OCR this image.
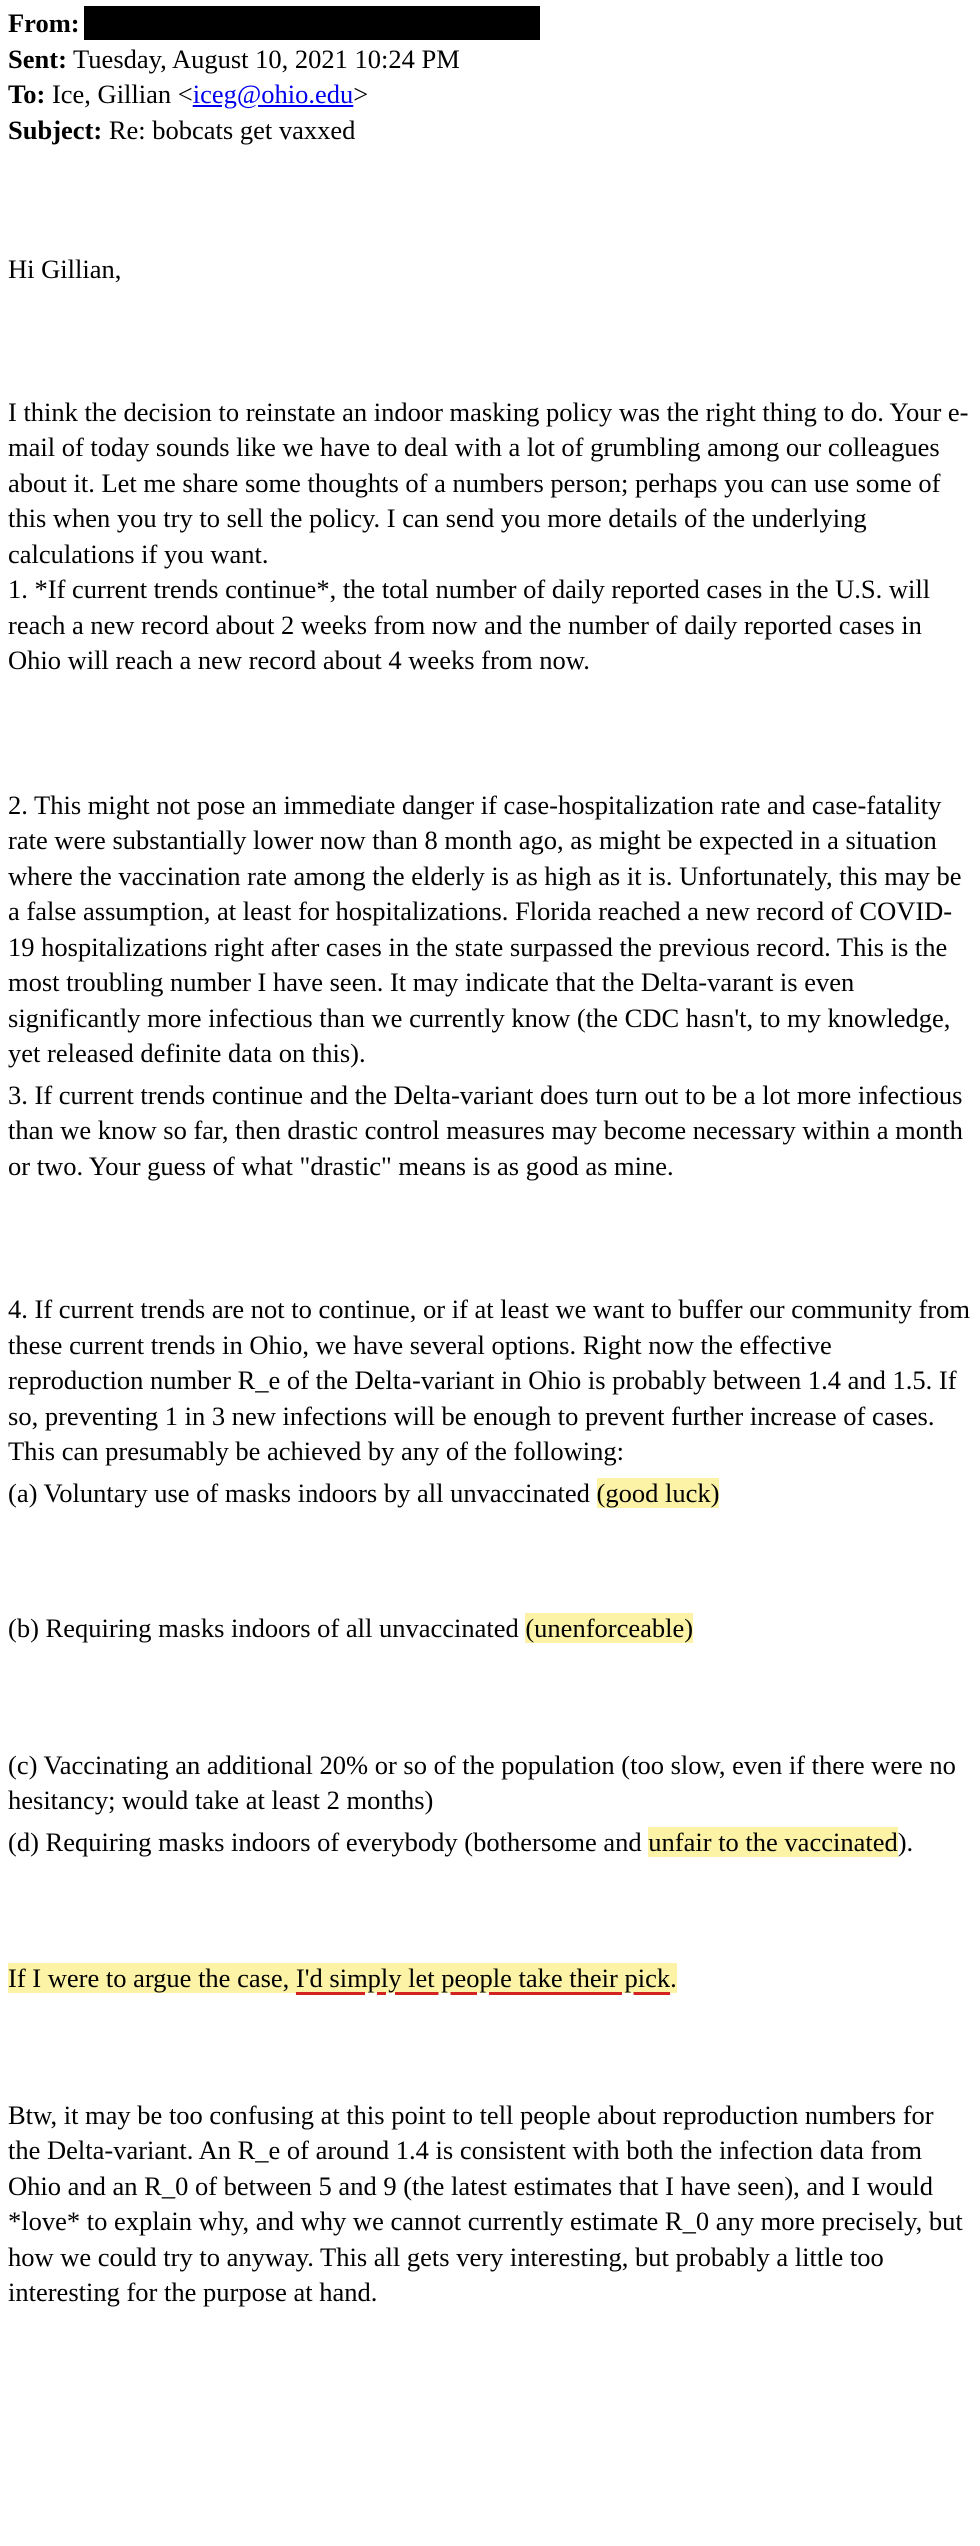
From:
Sent: Tuesday, August 10, 2021 10:24 PM
To: Ice, Gillian <iceg@ohio.edu>
Subject: Re: bobcats get vaxxed

Hi Gillian,

I think the decision to reinstate an indoor masking policy was the right thing to do. Your e-mail of today sounds like we have to deal with a lot of grumbling among our colleagues about it. Let me share some thoughts of a numbers person; perhaps you can use some of this when you try to sell the policy. I can send you more details of the underlying calculations if you want.

1. *If current trends continue*, the total number of daily reported cases in the U.S. will reach a new record about 2 weeks from now and the number of daily reported cases in Ohio will reach a new record about 4 weeks from now.

2. This might not pose an immediate danger if case-hospitalization rate and case-fatality rate were substantially lower now than 8 month ago, as might be expected in a situation where the vaccination rate among the elderly is as high as it is. Unfortunately, this may be a false assumption, at least for hospitalizations. Florida reached a new record of COVID-19 hospitalizations right after cases in the state surpassed the previous record. This is the most troubling number I have seen. It may indicate that the Delta-varant is even significantly more infectious than we currently know (the CDC hasn't, to my knowledge, yet released definite data on this).

3. If current trends continue and the Delta-variant does turn out to be a lot more infectious than we know so far, then drastic control measures may become necessary within a month or two. Your guess of what "drastic" means is as good as mine.

4. If current trends are not to continue, or if at least we want to buffer our community from these current trends in Ohio, we have several options. Right now the effective reproduction number R_e of the Delta-variant in Ohio is probably between 1.4 and 1.5. If so, preventing 1 in 3 new infections will be enough to prevent further increase of cases. This can presumably be achieved by any of the following:

(a) Voluntary use of masks indoors by all unvaccinated (good luck)

(b) Requiring masks indoors of all unvaccinated (unenforceable)

(c) Vaccinating an additional 20% or so of the population (too slow, even if there were no hesitancy; would take at least 2 months)

(d) Requiring masks indoors of everybody (bothersome and unfair to the vaccinated).

If I were to argue the case, I'd simply let people take their pick.

Btw, it may be too confusing at this point to tell people about reproduction numbers for the Delta-variant. An R_e of around 1.4 is consistent with both the infection data from Ohio and an R_0 of between 5 and 9 (the latest estimates that I have seen), and I would *love* to explain why, and why we cannot currently estimate R_0 any more precisely, but how we could try to anyway. This all gets very interesting, but probably a little too interesting for the purpose at hand.
